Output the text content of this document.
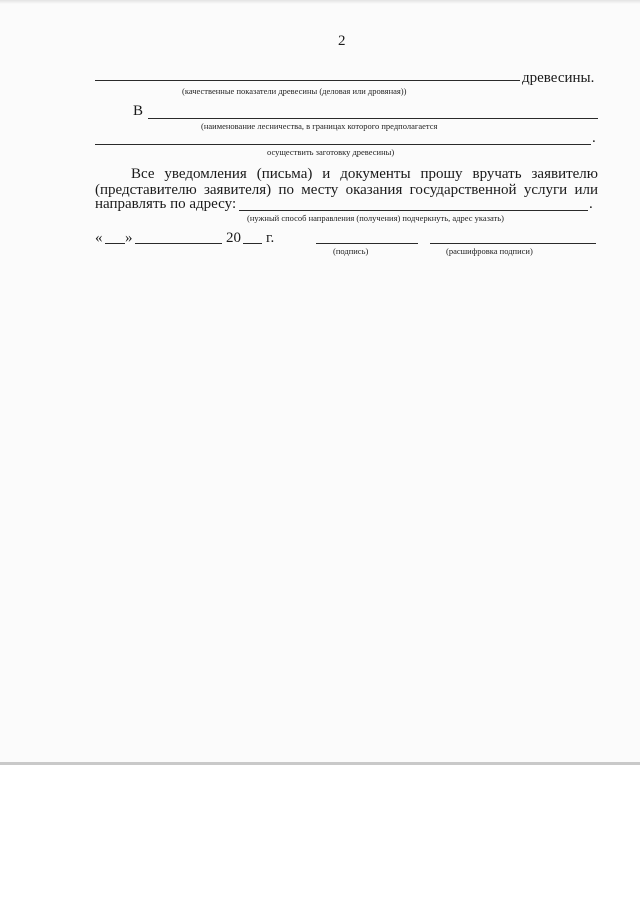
2
древесины.
(качественные показатели древесины (деловая или дровяная))
В
(наименование лесничества, в границах которого предполагается
.
осуществить заготовку древесины)
Все уведомления (письма) и документы прошу вручать заявителю
(представителю заявителя) по месту оказания государственной услуги или
направлять по адресу:	.
(нужный способ направления (получения) подчеркнуть, адрес указать)
« »	20 г.
(подпись)	(расшифровка подписи)
